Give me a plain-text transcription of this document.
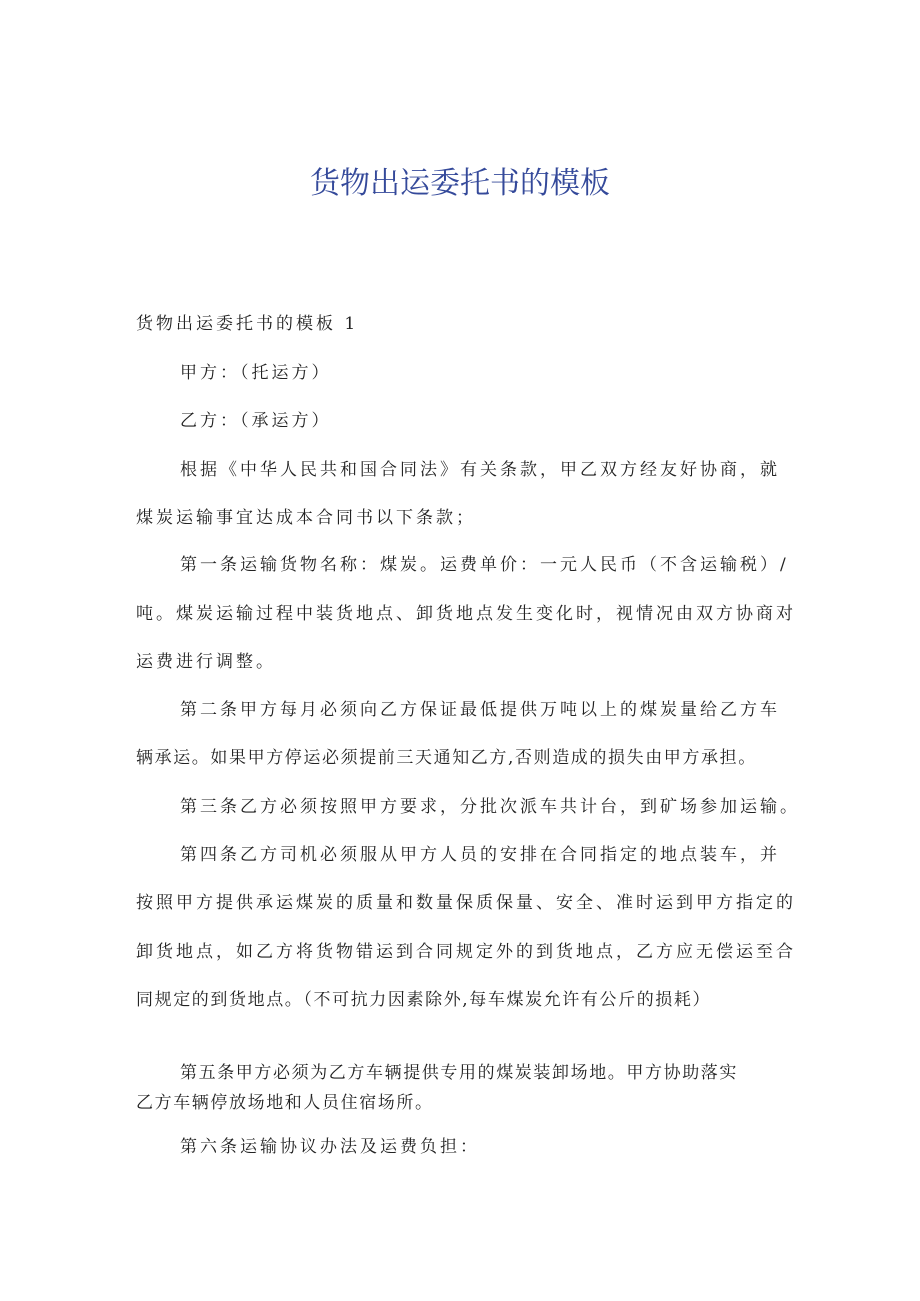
货物出运委托书的模板
货物出运委托书的模板 1
甲方：（托运方）
乙方：（承运方）
根据《中华人民共和国合同法》有关条款，甲乙双方经友好协商，就
煤炭运输事宜达成本合同书以下条款；
第一条运输货物名称：煤炭。运费单价：一元人民币（不含运输税）/
吨。煤炭运输过程中装货地点、卸货地点发生变化时，视情况由双方协商对
运费进行调整。
第二条甲方每月必须向乙方保证最低提供万吨以上的煤炭量给乙方车
辆承运。如果甲方停运必须提前三天通知乙方,否则造成的损失由甲方承担。
第三条乙方必须按照甲方要求，分批次派车共计台，到矿场参加运输。
第四条乙方司机必须服从甲方人员的安排在合同指定的地点装车，并
按照甲方提供承运煤炭的质量和数量保质保量、安全、准时运到甲方指定的
卸货地点，如乙方将货物错运到合同规定外的到货地点，乙方应无偿运至合
同规定的到货地点。（不可抗力因素除外,每车煤炭允许有公斤的损耗）
第五条甲方必须为乙方车辆提供专用的煤炭装卸场地。甲方协助落实
乙方车辆停放场地和人员住宿场所。
第六条运输协议办法及运费负担：
